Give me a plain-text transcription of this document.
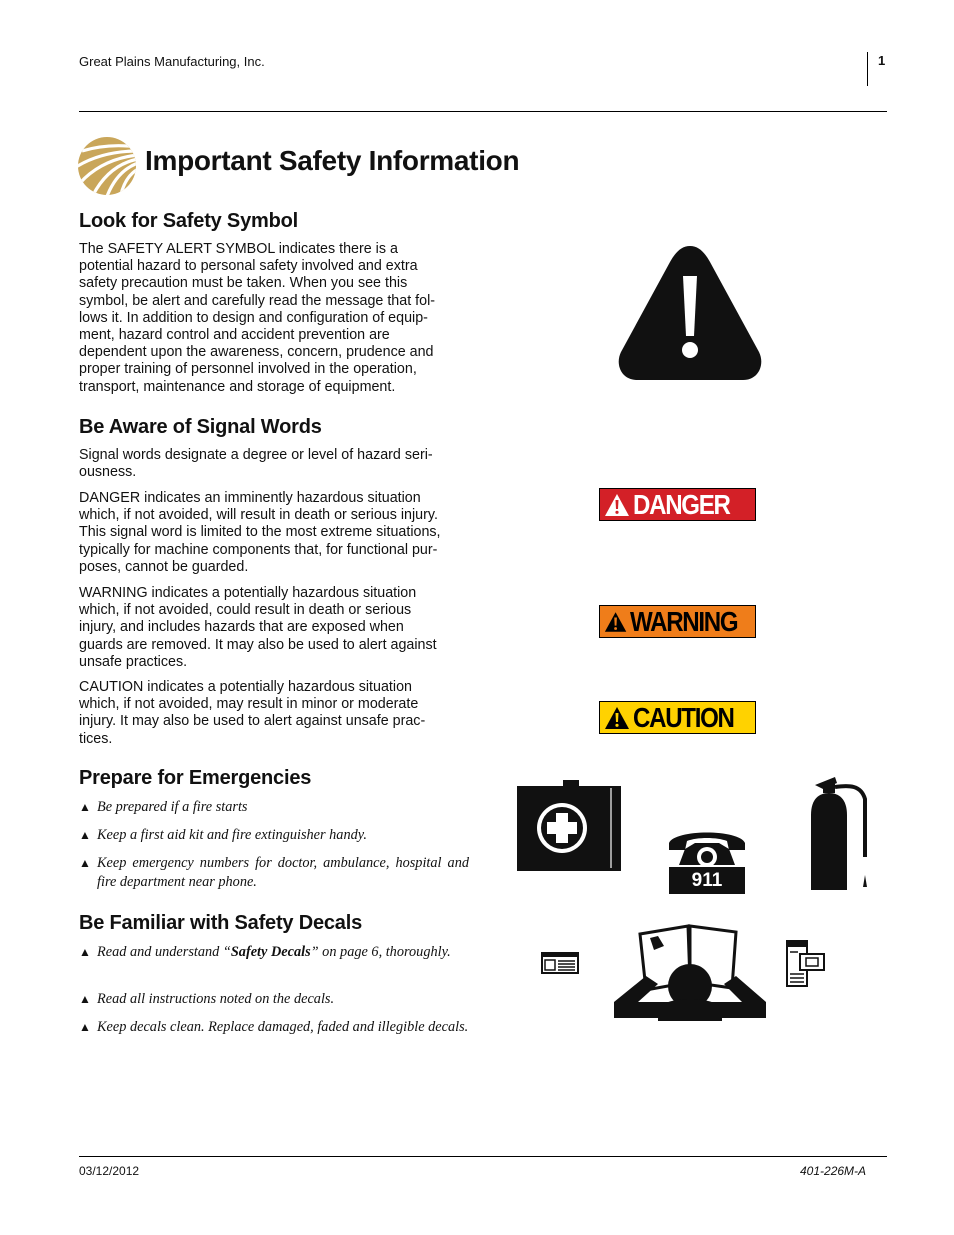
Great Plains Manufacturing, Inc.	1
Important Safety Information
Look for Safety Symbol
The SAFETY ALERT SYMBOL indicates there is a
potential hazard to personal safety involved and extra
safety precaution must be taken. When you see this
symbol, be alert and carefully read the message that fol-
lows it. In addition to design and configuration of equip-
ment, hazard control and accident prevention are
dependent upon the awareness, concern, prudence and
proper training of personnel involved in the operation,
transport, maintenance and storage of equipment.
Be Aware of Signal Words
Signal words designate a degree or level of hazard seri-
ousness.
DANGER indicates an imminently hazardous situation
which, if not avoided, will result in death or serious injury.
This signal word is limited to the most extreme situations,
typically for machine components that, for functional pur-
poses, cannot be guarded.
WARNING indicates a potentially hazardous situation
which, if not avoided, could result in death or serious
injury, and includes hazards that are exposed when
guards are removed. It may also be used to alert against
unsafe practices.
CAUTION indicates a potentially hazardous situation
which, if not avoided, may result in minor or moderate
injury. It may also be used to alert against unsafe prac-
tices.
Prepare for Emergencies
▲ Be prepared if a fire starts
▲ Keep a first aid kit and fire extinguisher handy.
▲ Keep emergency numbers for doctor, ambulance, hospital and fire department near phone.
Be Familiar with Safety Decals
▲ Read and understand “Safety Decals” on page 6, thoroughly.
▲ Read all instructions noted on the decals.
▲ Keep decals clean. Replace damaged, faded and illegible decals.
DANGER
WARNING
CAUTION
911
03/12/2012	401-226M-A
